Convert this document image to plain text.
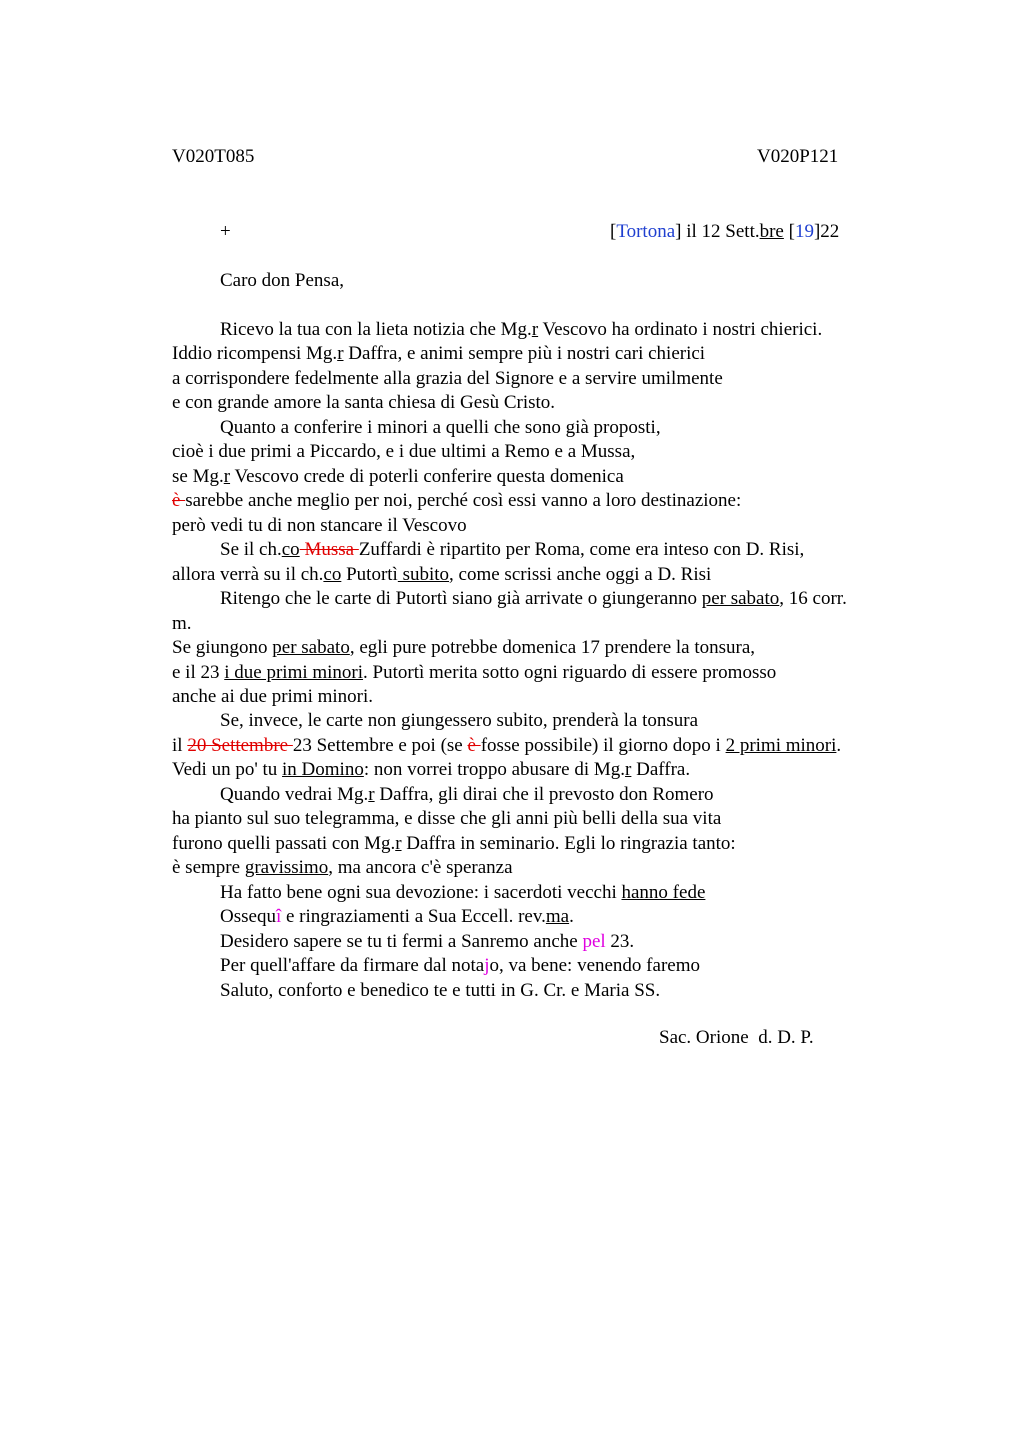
V020T085	V020P121
+	[Tortona] il 12 Sett.bre [19]22
Caro don Pensa,
Ricevo la tua con la lieta notizia che Mg.r Vescovo ha ordinato i nostri chierici.
Iddio ricompensi Mg.r Daffra, e animi sempre più i nostri cari chierici
a corrispondere fedelmente alla grazia del Signore e a servire umilmente
e con grande amore la santa chiesa di Gesù Cristo.
Quanto a conferire i minori a quelli che sono già proposti,
cioè i due primi a Piccardo, e i due ultimi a Remo e a Mussa,
se Mg.r Vescovo crede di poterli conferire questa domenica
è sarebbe anche meglio per noi, perché così essi vanno a loro destinazione:
però vedi tu di non stancare il Vescovo
Se il ch.co Mussa Zuffardi è ripartito per Roma, come era inteso con D. Risi,
allora verrà su il ch.co Putortì subito, come scrissi anche oggi a D. Risi
Ritengo che le carte di Putortì siano già arrivate o giungeranno per sabato, 16 corr.
m.
Se giungono per sabato, egli pure potrebbe domenica 17 prendere la tonsura,
e il 23 i due primi minori. Putortì merita sotto ogni riguardo di essere promosso
anche ai due primi minori.
Se, invece, le carte non giungessero subito, prenderà la tonsura
il 20 Settembre 23 Settembre e poi (se è fosse possibile) il giorno dopo i 2 primi minori.
Vedi un po' tu in Domino: non vorrei troppo abusare di Mg.r Daffra.
Quando vedrai Mg.r Daffra, gli dirai che il prevosto don Romero
ha pianto sul suo telegramma, e disse che gli anni più belli della sua vita
furono quelli passati con Mg.r Daffra in seminario. Egli lo ringrazia tanto:
è sempre gravissimo, ma ancora c'è speranza
Ha fatto bene ogni sua devozione: i sacerdoti vecchi hanno fede
Ossequî e ringraziamenti a Sua Eccell. rev.ma.
Desidero sapere se tu ti fermi a Sanremo anche pel 23.
Per quell'affare da firmare dal notajo, va bene: venendo faremo
Saluto, conforto e benedico te e tutti in G. Cr. e Maria SS.
Sac. Orione  d. D. P.
